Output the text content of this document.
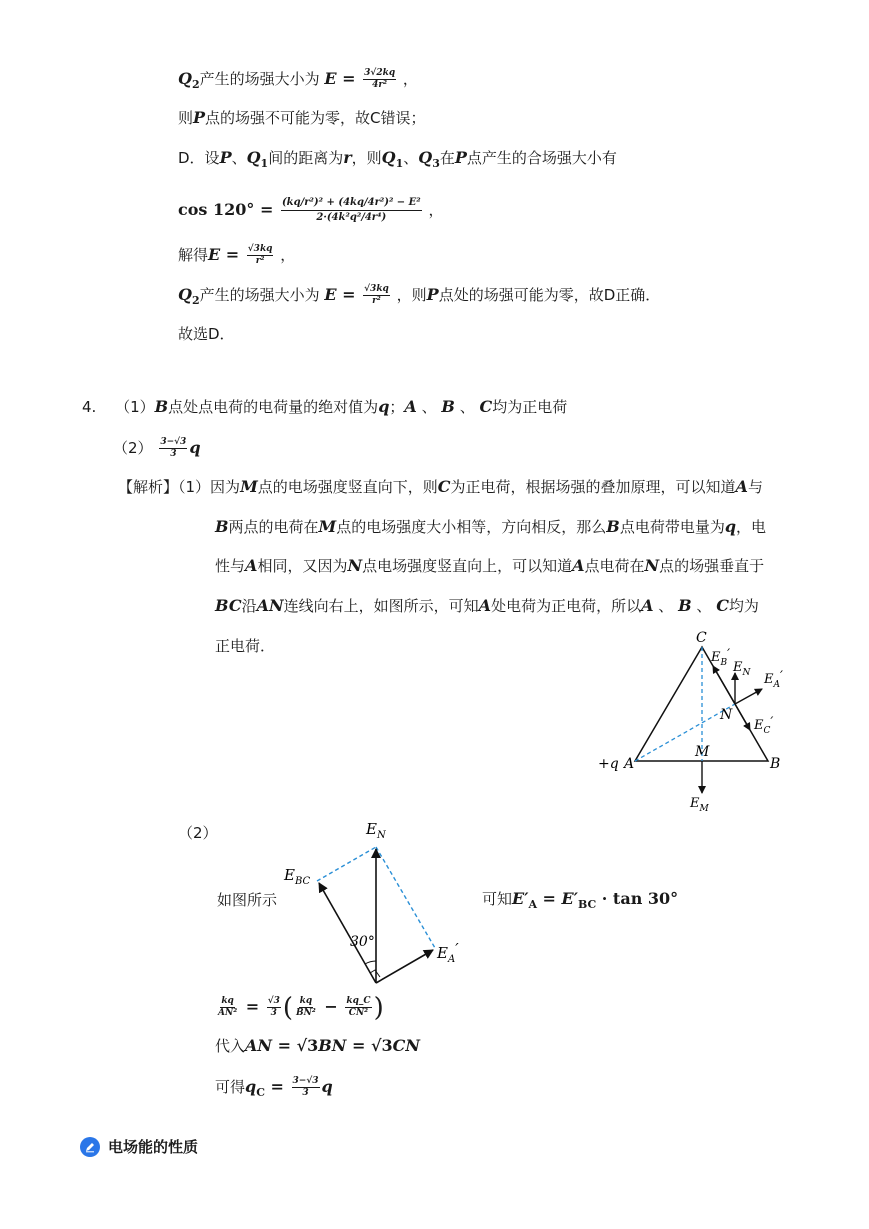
$Q_2$产生的场强大小为 $E = \frac{3√2kq}{\text{4r²}}$ ，
则P点的场强不可能为零，故C错误；
D．设P、$Q_1$间的距离为r，则$Q_1$、$Q_3$在P点产生的合场强大小有
$\cos 120^\circ = \frac{\text{(kq/r²)² + (4kq/4r²)² − E²}}{\text{2·(4k²q²/4r⁴)}}$ ，
解得$E = \frac{√3kq}{\text{r²}}$ ，
$Q_2$产生的场强大小为 $E = \frac{√3kq}{\text{r²}}$ ，则P点处的场强可能为零，故D正确．
故选D．
4. （1）B点处点电荷的电荷量的绝对值为q；A 、 B 、 C均为正电荷
$(2) \frac{3-√3}{3}$ q
【解析】（1）因为M点的电场强度竖直向下，则C为正电荷，根据场强的叠加原理，可以知道A与
B两点的电荷在M点的电场强度大小相等，方向相反，那么B点电荷带电量为q，电
性与A相同，又因为N点电场强度竖直向上，可以知道A点电荷在N点的场强垂直于
BC沿AN连线向右上，如图所示，可知A处电荷为正电荷，所以A 、 B 、 C均为
正电荷．	C
A	B
+q
M
N
$E_B'$
$E_N$ $E_A'$
$E_C'$
$E_M$
（2）
如图所示
30°
$E_N$
$E_{BC}$
$E_A'$
可知$E'_A = E'_{BC} \cdot \tan 30^\circ$
$\frac{kq}{\text{AN²}} = \frac{√3}{3}$ ( $\frac{kq}{\text{BN²}} - \frac{kq\_C}{\text{CN²}}$ )
代入AN = √3BN = √3CN
可得$q_C = \frac{3-√3}{3}$ q
电场能的性质
